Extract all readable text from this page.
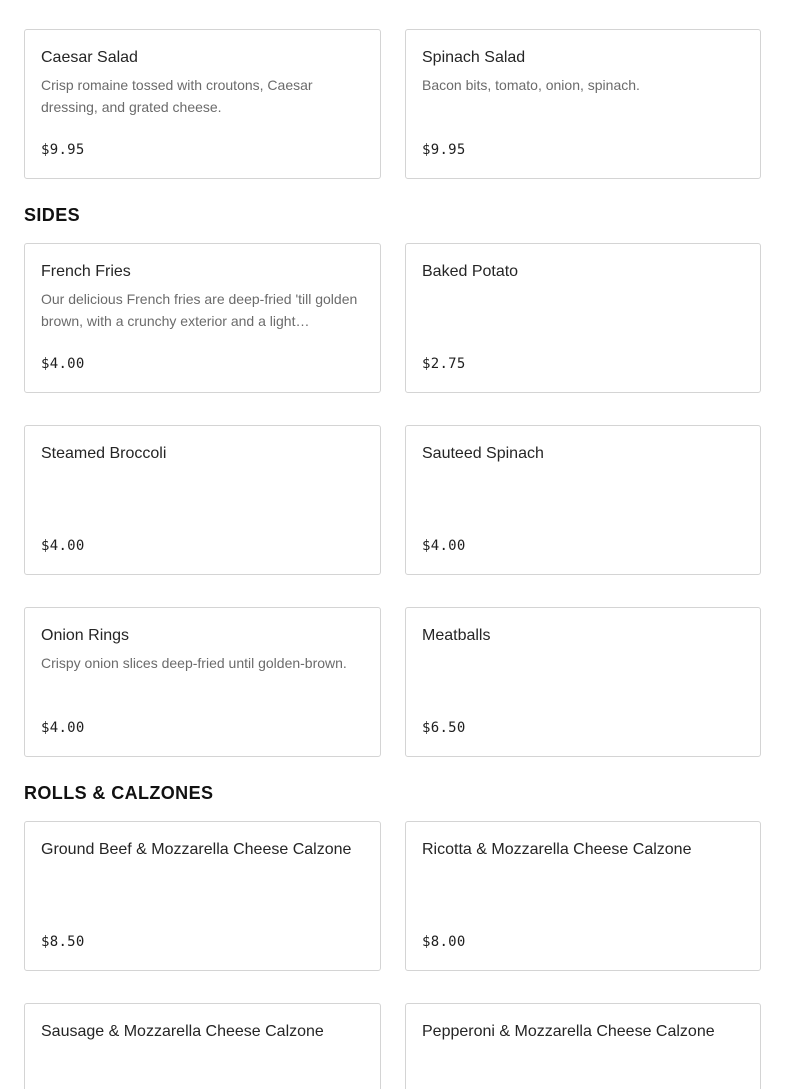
Caesar Salad
Crisp romaine tossed with croutons, Caesar dressing, and grated cheese.
$9.95
Spinach Salad
Bacon bits, tomato, onion, spinach.
$9.95
SIDES
French Fries
Our delicious French fries are deep-fried 'till golden brown, with a crunchy exterior and a light…
$4.00
Baked Potato
$2.75
Steamed Broccoli
$4.00
Sauteed Spinach
$4.00
Onion Rings
Crispy onion slices deep-fried until golden-brown.
$4.00
Meatballs
$6.50
ROLLS & CALZONES
Ground Beef & Mozzarella Cheese Calzone
$8.50
Ricotta & Mozzarella Cheese Calzone
$8.00
Sausage & Mozzarella Cheese Calzone	Pepperoni & Mozzarella Cheese Calzone
